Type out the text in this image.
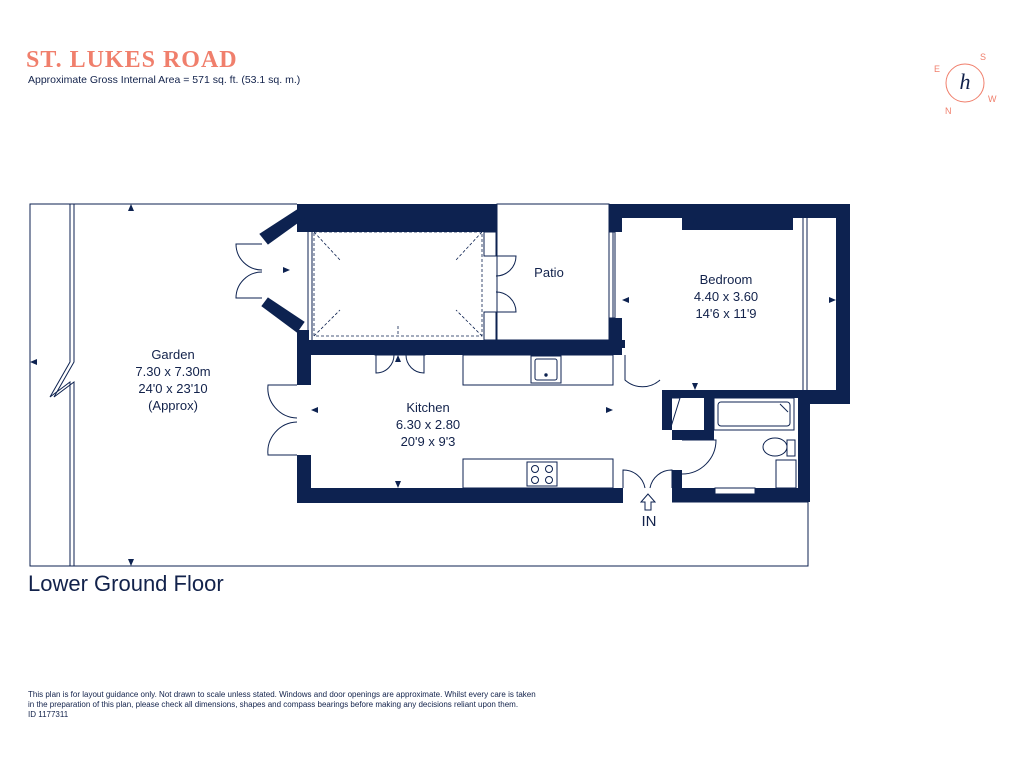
ST. LUKES ROAD
Approximate Gross Internal Area = 571 sq. ft. (53.1 sq. m.)	h
S
E
N
W
Garden
7.30 x 7.30m
24'0 x 23'10
(Approx)
Patio	Bedroom
4.40 x 3.60
14'6 x 11'9
Kitchen
6.30 x 2.80
20'9 x 9'3
IN
Lower Ground Floor
This plan is for layout guidance only. Not drawn to scale unless stated. Windows and door openings are approximate. Whilst every care is taken
in the preparation of this plan, please check all dimensions, shapes and compass bearings before making any decisions reliant upon them.
ID 1177311
